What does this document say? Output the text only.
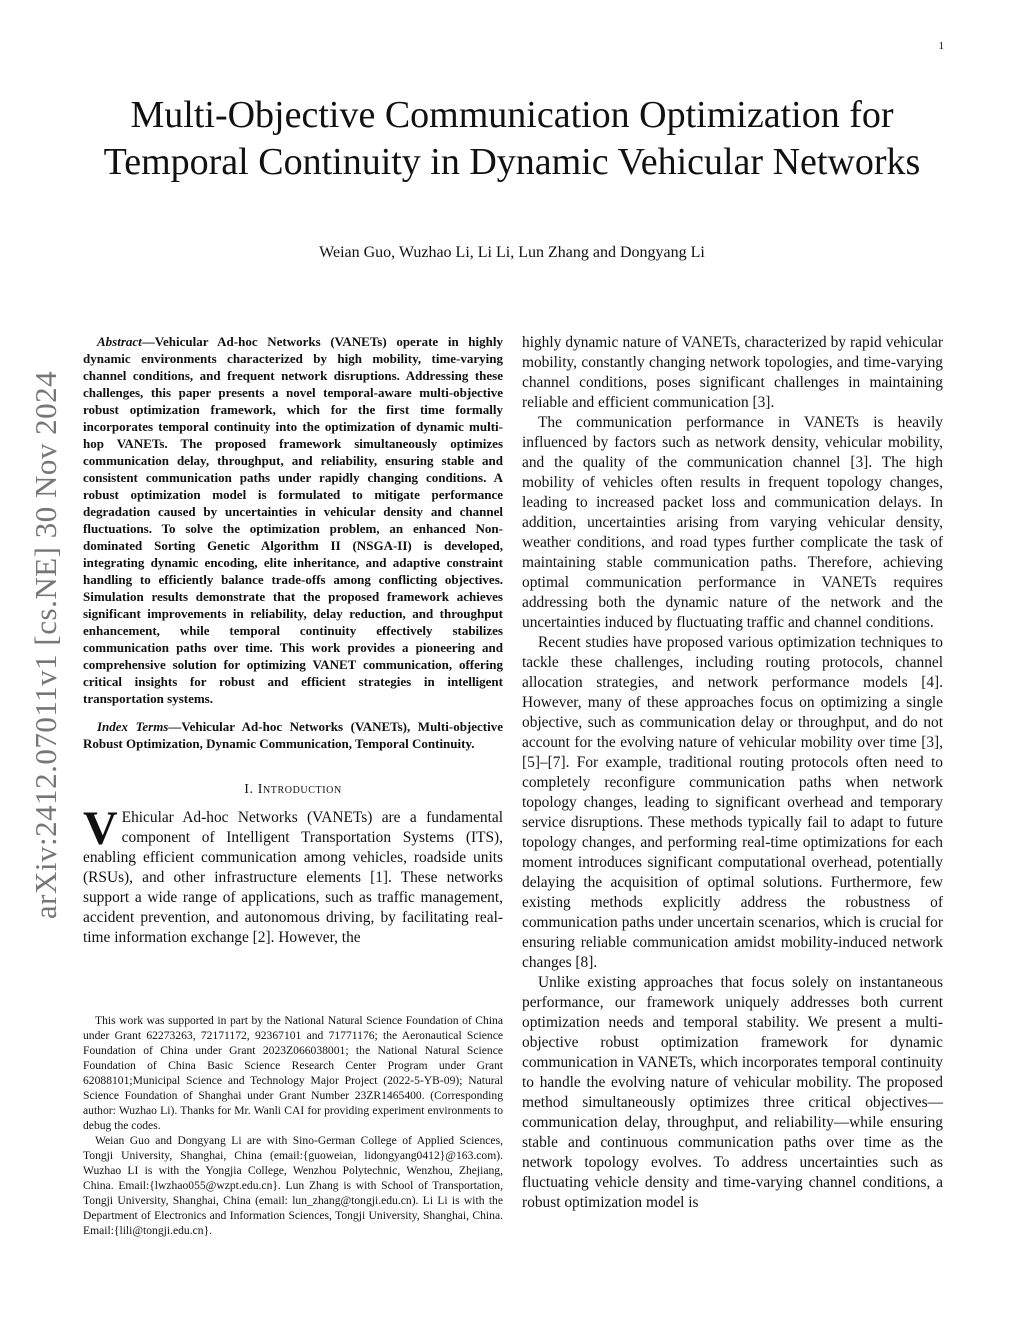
1
arXiv:2412.07011v1 [cs.NE] 30 Nov 2024
Multi-Objective Communication Optimization for Temporal Continuity in Dynamic Vehicular Networks
Weian Guo, Wuzhao Li, Li Li, Lun Zhang and Dongyang Li

Abstract—Vehicular Ad-hoc Networks (VANETs) operate in highly dynamic environments characterized by high mobility, time-varying channel conditions, and frequent network disruptions. Addressing these challenges, this paper presents a novel temporal-aware multi-objective robust optimization framework, which for the first time formally incorporates temporal continuity into the optimization of dynamic multi-hop VANETs. The proposed framework simultaneously optimizes communication delay, throughput, and reliability, ensuring stable and consistent communication paths under rapidly changing conditions. A robust optimization model is formulated to mitigate performance degradation caused by uncertainties in vehicular density and channel fluctuations. To solve the optimization problem, an enhanced Non-dominated Sorting Genetic Algorithm II (NSGA-II) is developed, integrating dynamic encoding, elite inheritance, and adaptive constraint handling to efficiently balance trade-offs among conflicting objectives. Simulation results demonstrate that the proposed framework achieves significant improvements in reliability, delay reduction, and throughput enhancement, while temporal continuity effectively stabilizes communication paths over time. This work provides a pioneering and comprehensive solution for optimizing VANET communication, offering critical insights for robust and efficient strategies in intelligent transportation systems.

Index Terms—Vehicular Ad-hoc Networks (VANETs), Multi-objective Robust Optimization, Dynamic Communication, Temporal Continuity.

I. Introduction

V Ehicular Ad-hoc Networks (VANETs) are a fundamental component of Intelligent Transportation Systems (ITS), enabling efficient communication among vehicles, roadside units (RSUs), and other infrastructure elements [1]. These networks support a wide range of applications, such as traffic management, accident prevention, and autonomous driving, by facilitating real-time information exchange [2]. However, the

This work was supported in part by the National Natural Science Foundation of China under Grant 62273263, 72171172, 92367101 and 71771176; the Aeronautical Science Foundation of China under Grant 2023Z066038001; the National Natural Science Foundation of China Basic Science Research Center Program under Grant 62088101;Municipal Science and Technology Major Project (2022-5-YB-09); Natural Science Foundation of Shanghai under Grant Number 23ZR1465400. (Corresponding author: Wuzhao Li). Thanks for Mr. Wanli CAI for providing experiment environments to debug the codes.

Weian Guo and Dongyang Li are with Sino-German College of Applied Sciences, Tongji University, Shanghai, China (email:{guoweian, lidongyang0412}@163.com). Wuzhao LI is with the Yongjia College, Wenzhou Polytechnic, Wenzhou, Zhejiang, China. Email:{lwzhao055@wzpt.edu.cn}. Lun Zhang is with School of Transportation, Tongji University, Shanghai, China (email: lun_zhang@tongji.edu.cn). Li Li is with the Department of Electronics and Information Sciences, Tongji University, Shanghai, China. Email:{lili@tongji.edu.cn}.

highly dynamic nature of VANETs, characterized by rapid vehicular mobility, constantly changing network topologies, and time-varying channel conditions, poses significant challenges in maintaining reliable and efficient communication [3].

The communication performance in VANETs is heavily influenced by factors such as network density, vehicular mobility, and the quality of the communication channel [3]. The high mobility of vehicles often results in frequent topology changes, leading to increased packet loss and communication delays. In addition, uncertainties arising from varying vehicular density, weather conditions, and road types further complicate the task of maintaining stable communication paths. Therefore, achieving optimal communication performance in VANETs requires addressing both the dynamic nature of the network and the uncertainties induced by fluctuating traffic and channel conditions.

Recent studies have proposed various optimization techniques to tackle these challenges, including routing protocols, channel allocation strategies, and network performance models [4]. However, many of these approaches focus on optimizing a single objective, such as communication delay or throughput, and do not account for the evolving nature of vehicular mobility over time [3], [5]–[7]. For example, traditional routing protocols often need to completely reconfigure communication paths when network topology changes, leading to significant overhead and temporary service disruptions. These methods typically fail to adapt to future topology changes, and performing real-time optimizations for each moment introduces significant computational overhead, potentially delaying the acquisition of optimal solutions. Furthermore, few existing methods explicitly address the robustness of communication paths under uncertain scenarios, which is crucial for ensuring reliable communication amidst mobility-induced network changes [8].

Unlike existing approaches that focus solely on instantaneous performance, our framework uniquely addresses both current optimization needs and temporal stability. We present a multi-objective robust optimization framework for dynamic communication in VANETs, which incorporates temporal continuity to handle the evolving nature of vehicular mobility. The proposed method simultaneously optimizes three critical objectives—communication delay, throughput, and reliability—while ensuring stable and continuous communication paths over time as the network topology evolves. To address uncertainties such as fluctuating vehicle density and time-varying channel conditions, a robust optimization model is
